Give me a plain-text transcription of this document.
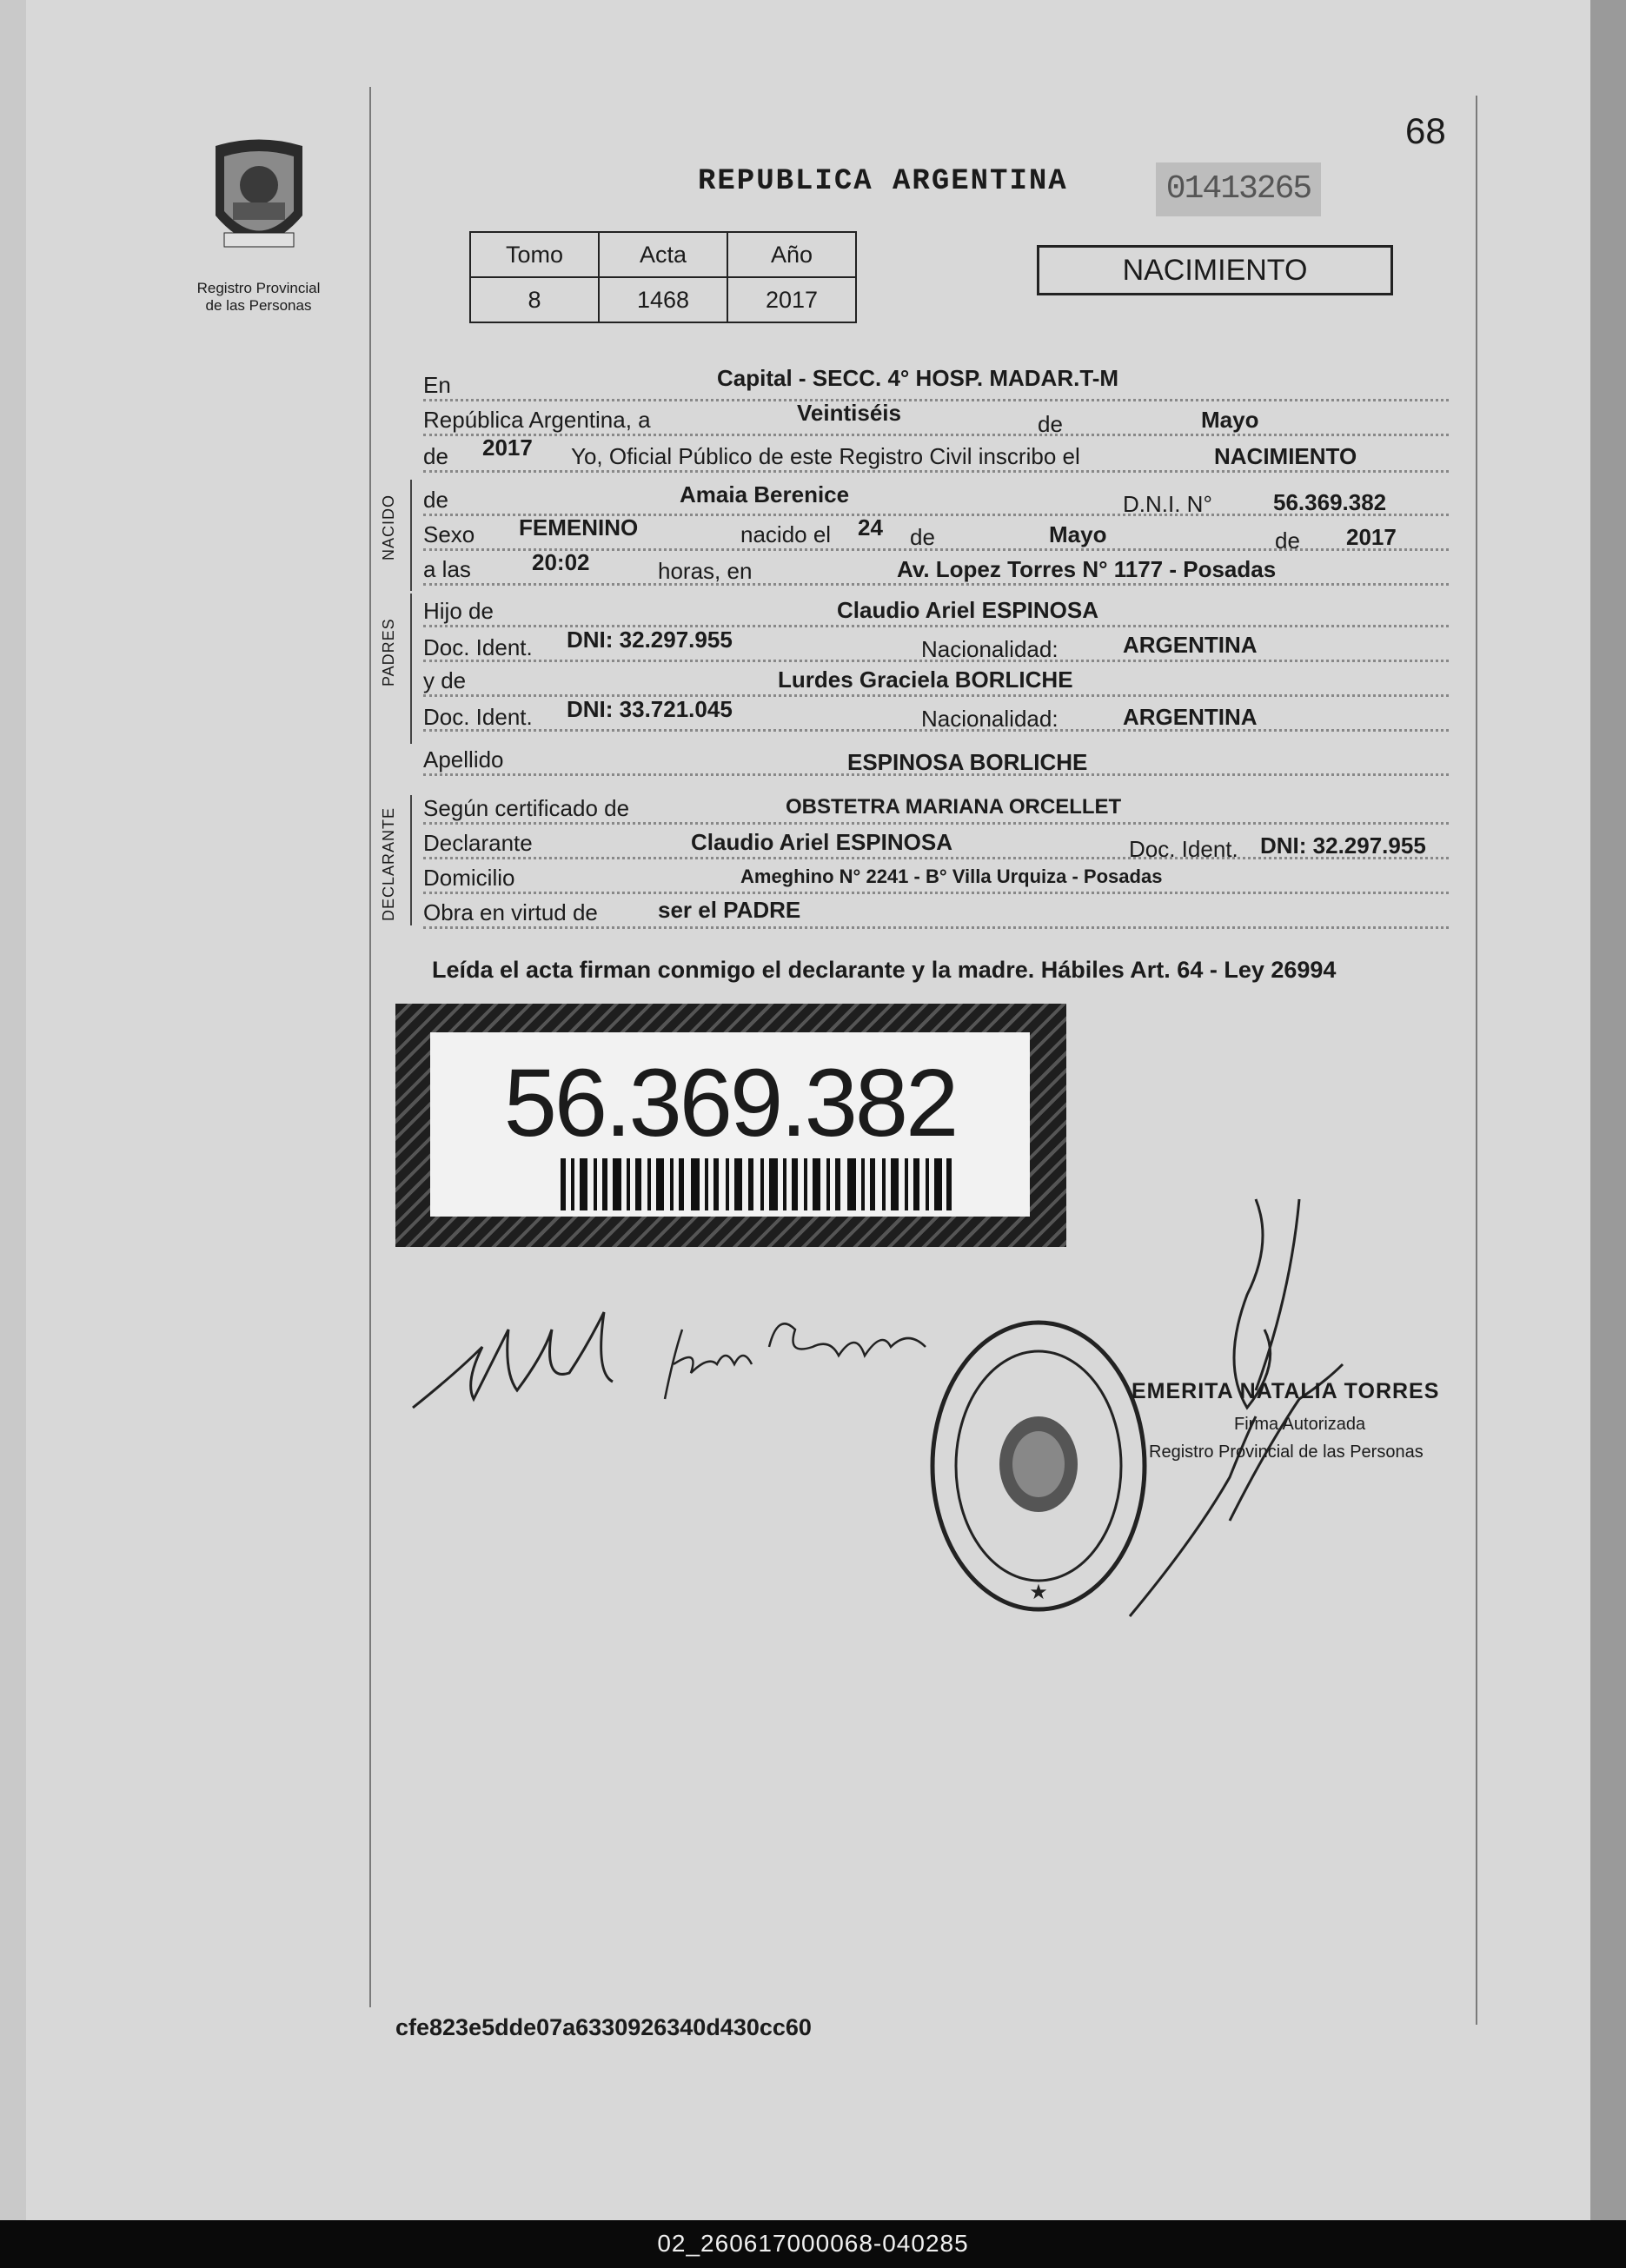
68
Registro Provincial
de las Personas
REPUBLICA ARGENTINA	01413265
Tomo	Acta	Año
8	1468	2017
NACIMIENTO
En	Capital - SECC. 4° HOSP. MADAR.T-M
República Argentina, a	Veintiséis	de	Mayo
de 2017 Yo, Oficial Público de este Registro Civil inscribo el	NACIMIENTO
NACIDO de	Amaia Berenice	D.N.I. N°	56.369.382
Sexo FEMENINO	nacido el 24 de	Mayo	de 2017
a las	20:02	horas, en	Av. Lopez Torres N° 1177 - Posadas
PADRES
Hijo de	Claudio Ariel ESPINOSA
Doc. Ident. DNI: 32.297.955	Nacionalidad:	ARGENTINA
y de	Lurdes Graciela BORLICHE
Doc. Ident. DNI: 33.721.045	Nacionalidad:	ARGENTINA
Apellido	ESPINOSA BORLICHE
DECLARANTE Según certificado de	OBSTETRA MARIANA ORCELLET
Declarante	Claudio Ariel ESPINOSA	Doc. Ident. DNI: 32.297.955
Domicilio	Ameghino N° 2241 - B° Villa Urquiza - Posadas
Obra en virtud de	ser el PADRE
Leída el acta firman conmigo el declarante y la madre. Hábiles Art. 64 - Ley 26994
56.369.382
★
EMERITA NATALIA TORRES
Firma Autorizada
Registro Provincial de las Personas
cfe823e5dde07a6330926340d430cc60
02_260617000068-040285
